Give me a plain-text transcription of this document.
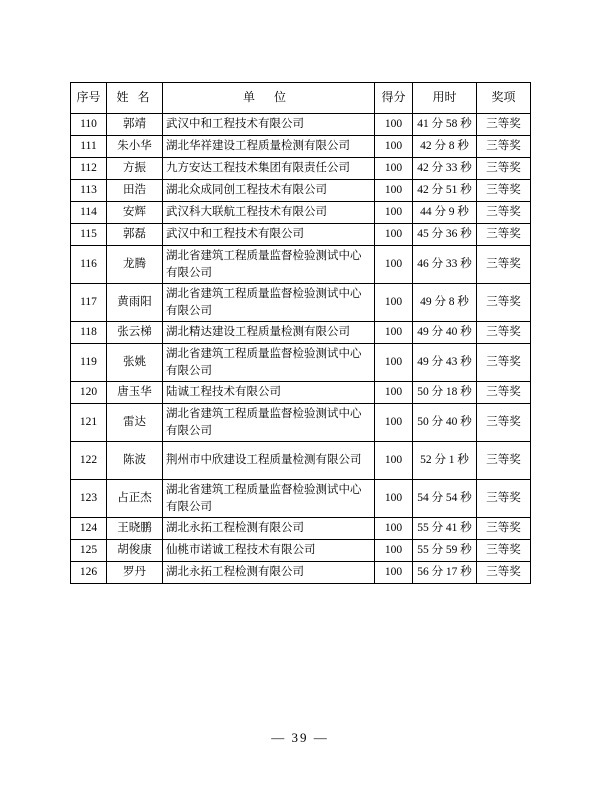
序号	姓 名	单 位	得分	用时	奖项
110	郭靖	武汉中和工程技术有限公司	100	41 分 58 秒	三等奖
111	朱小华	湖北华祥建设工程质量检测有限公司	100	42 分 8 秒	三等奖
112	方振	九方安达工程技术集团有限责任公司	100	42 分 33 秒	三等奖
113	田浩	湖北众成同创工程技术有限公司	100	42 分 51 秒	三等奖
114	安辉	武汉科大联航工程技术有限公司	100	44 分 9 秒	三等奖
115	郭磊	武汉中和工程技术有限公司	100	45 分 36 秒	三等奖
116	龙腾	湖北省建筑工程质量监督检验测试中心有限公司	100	46 分 33 秒	三等奖
117	黄雨阳	湖北省建筑工程质量监督检验测试中心有限公司	100	49 分 8 秒	三等奖
118	张云梯	湖北精达建设工程质量检测有限公司	100	49 分 40 秒	三等奖
119	张姚	湖北省建筑工程质量监督检验测试中心有限公司	100	49 分 43 秒	三等奖
120	唐玉华	陆诚工程技术有限公司	100	50 分 18 秒	三等奖
121	雷达	湖北省建筑工程质量监督检验测试中心有限公司	100	50 分 40 秒	三等奖
122	陈波	荆州市中欣建设工程质量检测有限公司	100	52 分 1 秒	三等奖
123	占正杰	湖北省建筑工程质量监督检验测试中心有限公司	100	54 分 54 秒	三等奖
124	王晓鹏	湖北永拓工程检测有限公司	100	55 分 41 秒	三等奖
125	胡俊康	仙桃市诺诚工程技术有限公司	100	55 分 59 秒	三等奖
126	罗丹	湖北永拓工程检测有限公司	100	56 分 17 秒	三等奖
— 39 —
